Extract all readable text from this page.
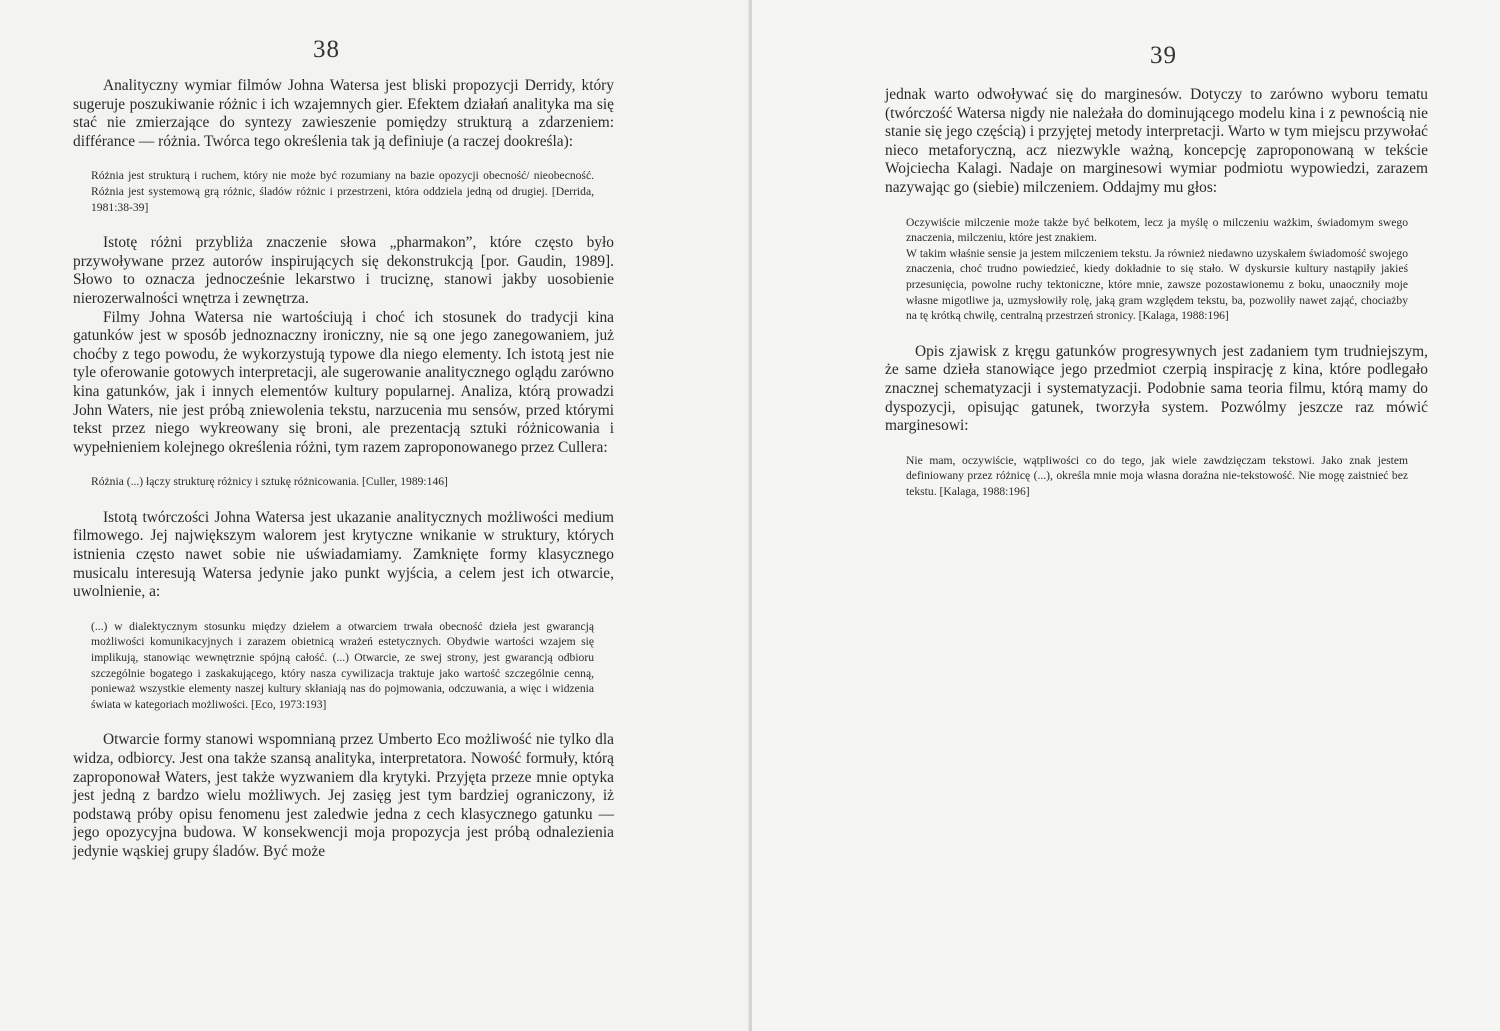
38

Analityczny wymiar filmów Johna Watersa jest bliski propozycji Derridy, który sugeruje poszukiwanie różnic i ich wzajemnych gier. Efektem działań analityka ma się stać nie zmierzające do syntezy zawieszenie pomiędzy strukturą a zdarzeniem: différance — różnia. Twórca tego określenia tak ją definiuje (a raczej dookreśla):

Różnia jest strukturą i ruchem, który nie może być rozumiany na bazie opozycji obecność/ nieobecność. Różnia jest systemową grą różnic, śladów różnic i przestrzeni, która oddziela jedną od drugiej. [Derrida, 1981:38-39]

Istotę różni przybliża znaczenie słowa „pharmakon”, które często było przywoływane przez autorów inspirujących się dekonstrukcją [por. Gaudin, 1989]. Słowo to oznacza jednocześnie lekarstwo i truciznę, stanowi jakby uosobienie nierozerwalności wnętrza i zewnętrza.

Filmy Johna Watersa nie wartościują i choć ich stosunek do tradycji kina gatunków jest w sposób jednoznaczny ironiczny, nie są one jego zanegowaniem, już choćby z tego powodu, że wykorzystują typowe dla niego elementy. Ich istotą jest nie tyle oferowanie gotowych interpretacji, ale sugerowanie analitycznego oglądu zarówno kina gatunków, jak i innych elementów kultury popularnej. Analiza, którą prowadzi John Waters, nie jest próbą zniewolenia tekstu, narzucenia mu sensów, przed którymi tekst przez niego wykreowany się broni, ale prezentacją sztuki różnicowania i wypełnieniem kolejnego określenia różni, tym razem zaproponowanego przez Cullera:

Różnia (...) łączy strukturę różnicy i sztukę różnicowania. [Culler, 1989:146]

Istotą twórczości Johna Watersa jest ukazanie analitycznych możliwości medium filmowego. Jej największym walorem jest krytyczne wnikanie w struktury, których istnienia często nawet sobie nie uświadamiamy. Zamknięte formy klasycznego musicalu interesują Watersa jedynie jako punkt wyjścia, a celem jest ich otwarcie, uwolnienie, a:

(...) w dialektycznym stosunku między dziełem a otwarciem trwała obecność dzieła jest gwarancją możliwości komunikacyjnych i zarazem obietnicą wrażeń estetycznych. Obydwie wartości wzajem się implikują, stanowiąc wewnętrznie spójną całość. (...) Otwarcie, ze swej strony, jest gwarancją odbioru szczególnie bogatego i zaskakującego, który nasza cywilizacja traktuje jako wartość szczególnie cenną, ponieważ wszystkie elementy naszej kultury skłaniają nas do pojmowania, odczuwania, a więc i widzenia świata w kategoriach możliwości. [Eco, 1973:193]

Otwarcie formy stanowi wspomnianą przez Umberto Eco możliwość nie tylko dla widza, odbiorcy. Jest ona także szansą analityka, interpretatora. Nowość formuły, którą zaproponował Waters, jest także wyzwaniem dla krytyki. Przyjęta przeze mnie optyka jest jedną z bardzo wielu możliwych. Jej zasięg jest tym bardziej ograniczony, iż podstawą próby opisu fenomenu jest zaledwie jedna z cech klasycznego gatunku — jego opozycyjna budowa. W konsekwencji moja propozycja jest próbą odnalezienia jedynie wąskiej grupy śladów. Być może

39

jednak warto odwoływać się do marginesów. Dotyczy to zarówno wyboru tematu (twórczość Watersa nigdy nie należała do dominującego modelu kina i z pewnością nie stanie się jego częścią) i przyjętej metody interpretacji. Warto w tym miejscu przywołać nieco metaforyczną, acz niezwykle ważną, koncepcję zaproponowaną w tekście Wojciecha Kalagi. Nadaje on marginesowi wymiar podmiotu wypowiedzi, zarazem nazywając go (siebie) milczeniem. Oddajmy mu głos:

Oczywiście milczenie może także być bełkotem, lecz ja myślę o milczeniu ważkim, świadomym swego znaczenia, milczeniu, które jest znakiem.

W takim właśnie sensie ja jestem milczeniem tekstu. Ja również niedawno uzyskałem świadomość swojego znaczenia, choć trudno powiedzieć, kiedy dokładnie to się stało. W dyskursie kultury nastąpiły jakieś przesunięcia, powolne ruchy tektoniczne, które mnie, zawsze pozostawionemu z boku, unaoczniły moje własne migotliwe ja, uzmysłowiły rolę, jaką gram względem tekstu, ba, pozwoliły nawet zająć, chociażby na tę krótką chwilę, centralną przestrzeń stronicy. [Kalaga, 1988:196]

Opis zjawisk z kręgu gatunków progresywnych jest zadaniem tym trudniejszym, że same dzieła stanowiące jego przedmiot czerpią inspirację z kina, które podlegało znacznej schematyzacji i systematyzacji. Podobnie sama teoria filmu, którą mamy do dyspozycji, opisując gatunek, tworzyła system. Pozwólmy jeszcze raz mówić marginesowi:

Nie mam, oczywiście, wątpliwości co do tego, jak wiele zawdzięczam tekstowi. Jako znak jestem definiowany przez różnicę (...), określa mnie moja własna doraźna nie-tekstowość. Nie mogę zaistnieć bez tekstu. [Kalaga, 1988:196]
